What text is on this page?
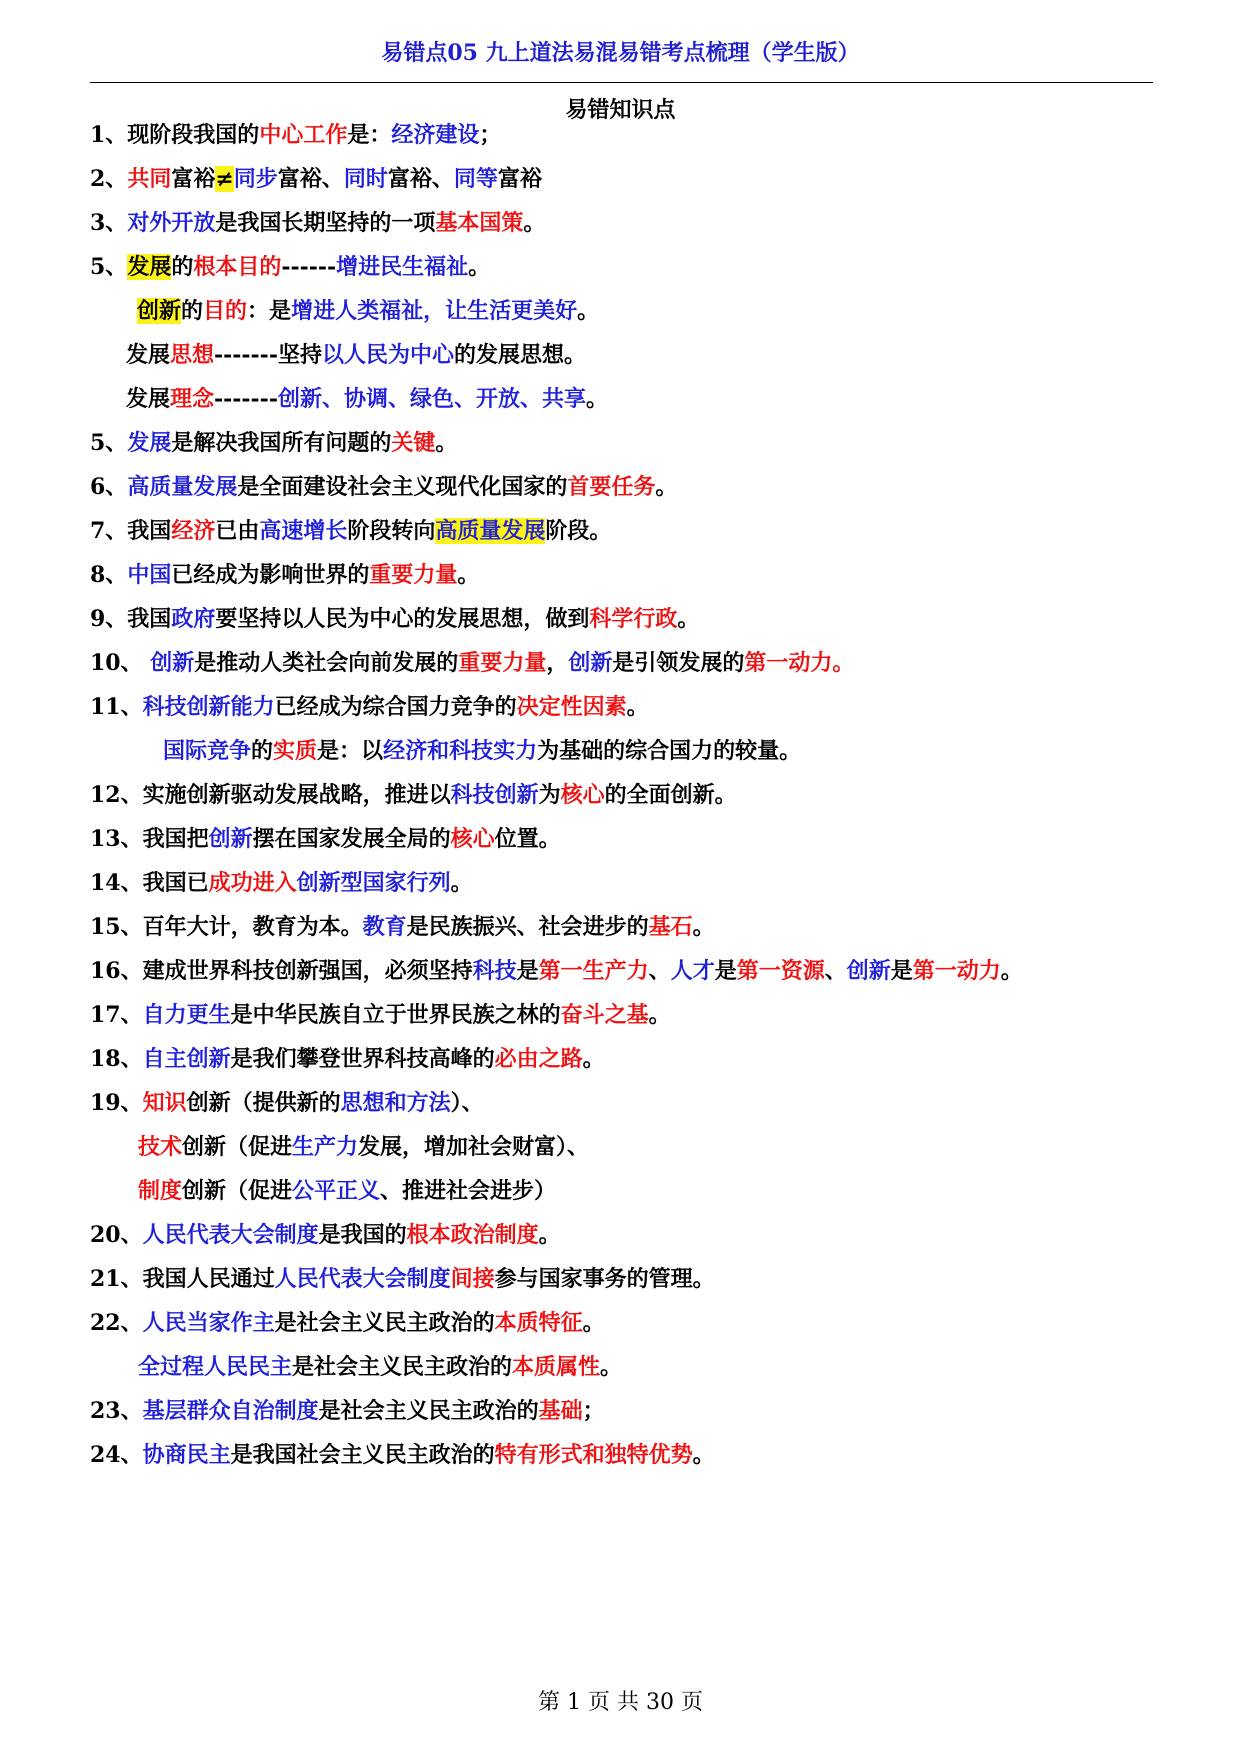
易错点05 九上道法易混易错考点梳理（学生版）
易错知识点
1、现阶段我国的中心工作是：经济建设；
2、共同富裕≠同步富裕、同时富裕、同等富裕
3、对外开放是我国长期坚持的一项基本国策。
5、发展的根本目的------增进民生福祉。
创新的目的：是增进人类福祉，让生活更美好。
发展思想-------坚持以人民为中心的发展思想。
发展理念-------创新、协调、绿色、开放、共享。
5、发展是解决我国所有问题的关键。
6、高质量发展是全面建设社会主义现代化国家的首要任务。
7、我国经济已由高速增长阶段转向高质量发展阶段。
8、中国已经成为影响世界的重要力量。
9、我国政府要坚持以人民为中心的发展思想，做到科学行政。
10、 创新是推动人类社会向前发展的重要力量，创新是引领发展的第一动力。
11、科技创新能力已经成为综合国力竞争的决定性因素。
国际竞争的实质是：以经济和科技实力为基础的综合国力的较量。
12、实施创新驱动发展战略，推进以科技创新为核心的全面创新。
13、我国把创新摆在国家发展全局的核心位置。
14、我国已成功进入创新型国家行列。
15、百年大计，教育为本。教育是民族振兴、社会进步的基石。
16、建成世界科技创新强国，必须坚持科技是第一生产力、人才是第一资源、创新是第一动力。
17、自力更生是中华民族自立于世界民族之林的奋斗之基。
18、自主创新是我们攀登世界科技高峰的必由之路。
19、知识创新（提供新的思想和方法）、
技术创新（促进生产力发展，增加社会财富）、
制度创新（促进公平正义、推进社会进步）
20、人民代表大会制度是我国的根本政治制度。
21、我国人民通过人民代表大会制度间接参与国家事务的管理。
22、人民当家作主是社会主义民主政治的本质特征。
全过程人民民主是社会主义民主政治的本质属性。
23、基层群众自治制度是社会主义民主政治的基础；
24、协商民主是我国社会主义民主政治的特有形式和独特优势。
第 1 页 共 30 页
